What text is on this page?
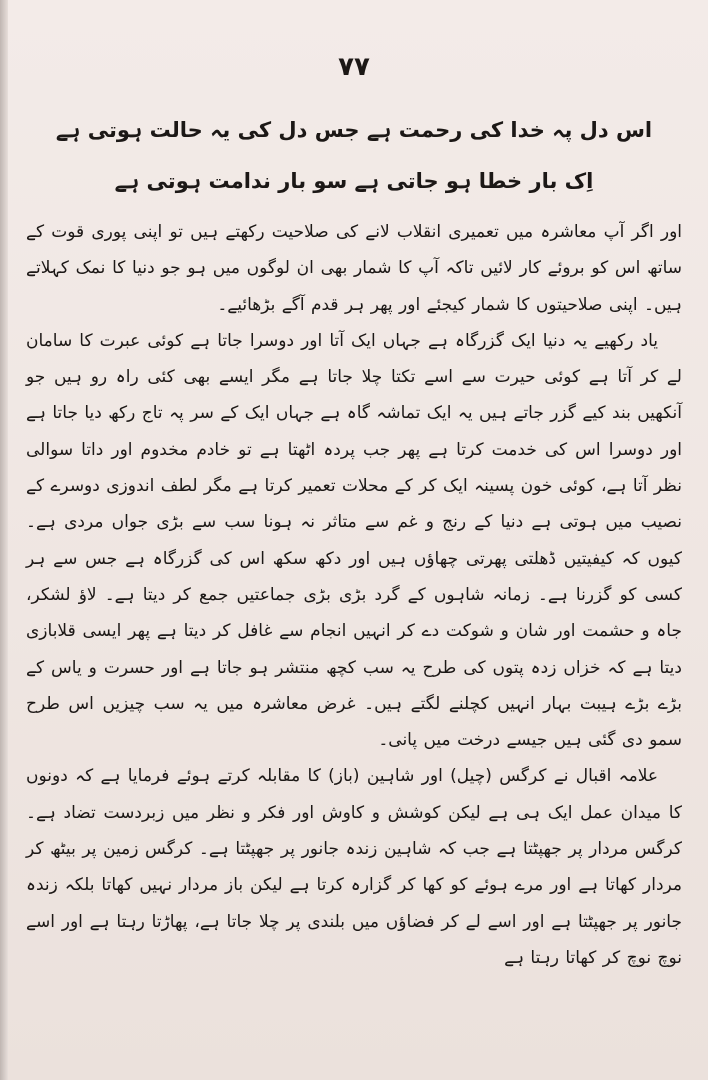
۷۷
اس دل پہ خدا کی رحمت ہے جس دل کی یہ حالت ہوتی ہے
اِک بار خطا ہو جاتی ہے سو بار ندامت ہوتی ہے

اور اگر آپ معاشرہ میں تعمیری انقلاب لانے کی صلاحیت رکھتے ہیں تو اپنی پوری قوت کے ساتھ اس کو بروئے کار لائیں تاکہ آپ کا شمار بھی ان لوگوں میں ہو جو دنیا کا نمک کہلاتے ہیں۔ اپنی صلاحیتوں کا شمار کیجئے اور پھر ہر قدم آگے بڑھائیے۔

یاد رکھیے یہ دنیا ایک گزرگاہ ہے جہاں ایک آتا اور دوسرا جاتا ہے کوئی عبرت کا سامان لے کر آتا ہے کوئی حیرت سے اسے تکتا چلا جاتا ہے مگر ایسے بھی کئی راہ رو ہیں جو آنکھیں بند کیے گزر جاتے ہیں یہ ایک تماشہ گاہ ہے جہاں ایک کے سر پہ تاج رکھ دیا جاتا ہے اور دوسرا اس کی خدمت کرتا ہے پھر جب پردہ اٹھتا ہے تو خادم مخدوم اور داتا سوالی نظر آتا ہے، کوئی خون پسینہ ایک کر کے محلات تعمیر کرتا ہے مگر لطف اندوزی دوسرے کے نصیب میں ہوتی ہے دنیا کے رنج و غم سے متاثر نہ ہونا سب سے بڑی جواں مردی ہے۔ کیوں کہ کیفیتیں ڈھلتی پھرتی چھاؤں ہیں اور دکھ سکھ اس کی گزرگاہ ہے جس سے ہر کسی کو گزرنا ہے۔ زمانہ شاہوں کے گرد بڑی بڑی جماعتیں جمع کر دیتا ہے۔ لاؤ لشکر، جاہ و حشمت اور شان و شوکت دے کر انہیں انجام سے غافل کر دیتا ہے پھر ایسی قلابازی دیتا ہے کہ خزاں زدہ پتوں کی طرح یہ سب کچھ منتشر ہو جاتا ہے اور حسرت و یاس کے بڑے بڑے ہیبت بہار انہیں کچلنے لگتے ہیں۔ غرض معاشرہ میں یہ سب چیزیں اس طرح سمو دی گئی ہیں جیسے درخت میں پانی۔

علامہ اقبال نے کرگس (چیل) اور شاہین (باز) کا مقابلہ کرتے ہوئے فرمایا ہے کہ دونوں کا میدان عمل ایک ہی ہے لیکن کوشش و کاوش اور فکر و نظر میں زبردست تضاد ہے۔ کرگس مردار پر جھپٹتا ہے جب کہ شاہین زندہ جانور پر جھپٹتا ہے۔ کرگس زمین پر بیٹھ کر مردار کھاتا ہے اور مرے ہوئے کو کھا کر گزارہ کرتا ہے لیکن باز مردار نہیں کھاتا بلکہ زندہ جانور پر جھپٹتا ہے اور اسے لے کر فضاؤں میں بلندی پر چلا جاتا ہے، پھاڑتا رہتا ہے اور اسے نوچ نوچ کر کھاتا رہتا ہے
